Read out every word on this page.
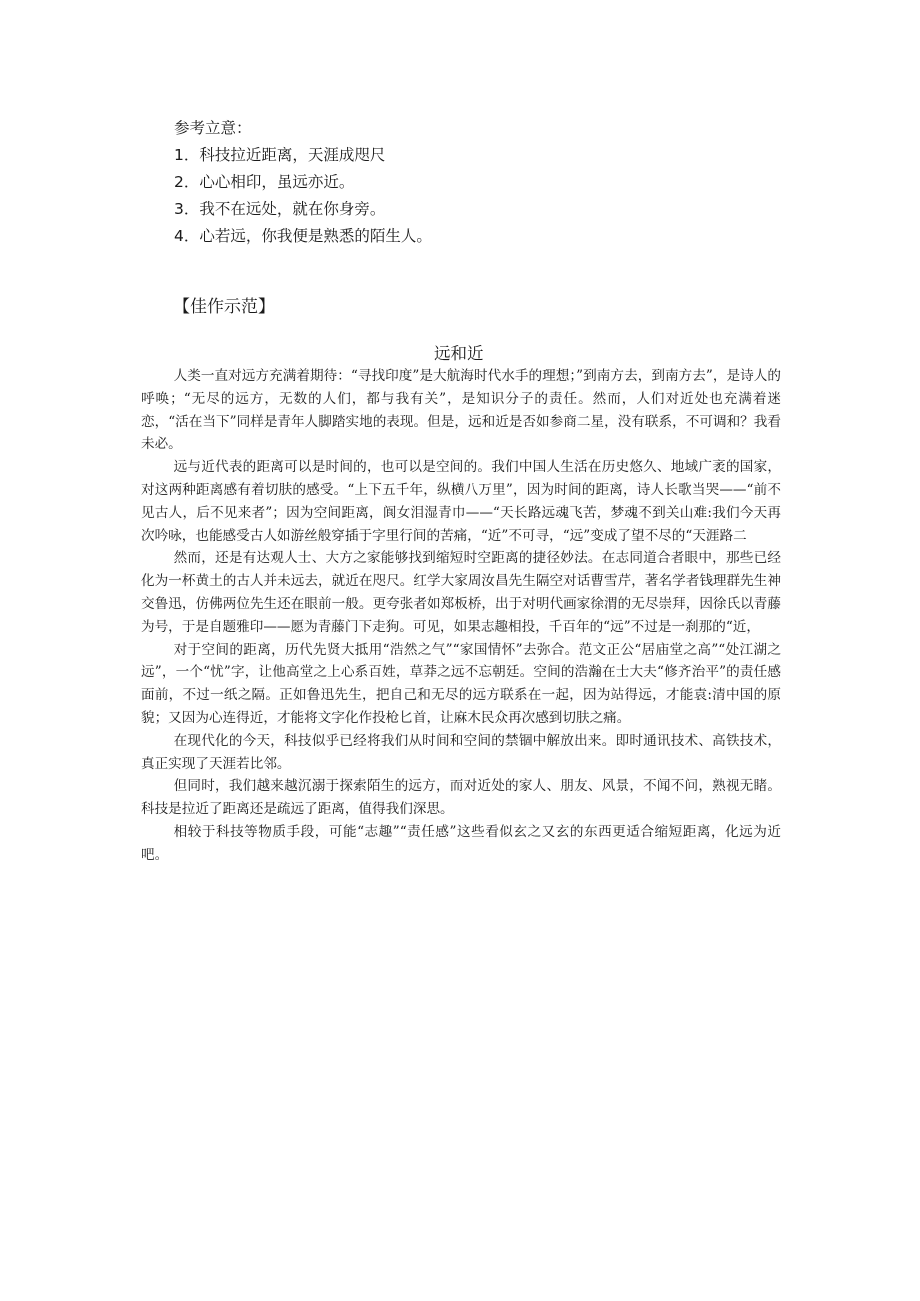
参考立意：
1．科技拉近距离，天涯成咫尺
2．心心相印，虽远亦近。
3．我不在远处，就在你身旁。
4．心若远，你我便是熟悉的陌生人。
【佳作示范】
远和近

人类一直对远方充满着期待：“寻找印度”是大航海时代水手的理想；”到南方去，到南方去”，是诗人的呼唤；“无尽的远方，无数的人们，都与我有关”，是知识分子的责任。然而，人们对近处也充满着迷恋，“活在当下”同样是青年人脚踏实地的表现。但是，远和近是否如参商二星，没有联系，不可调和？我看未必。

远与近代表的距离可以是时间的，也可以是空间的。我们中国人生活在历史悠久、地域广袤的国家，对这两种距离感有着切肤的感受。“上下五千年，纵横八万里”，因为时间的距离，诗人长歌当哭——“前不见古人，后不见来者”；因为空间距离，阆女泪湿青巾——“天长路远魂飞苦，梦魂不到关山难:我们今天再次吟咏，也能感受古人如游丝般穿插于字里行间的苦痛，“近”不可寻，“远”变成了望不尽的“天涯路二

然而，还是有达观人士、大方之家能够找到缩短时空距离的捷径妙法。在志同道合者眼中，那些已经化为一杯黄土的古人并未远去，就近在咫尺。红学大家周汝昌先生隔空对话曹雪芹，著名学者钱理群先生神交鲁迅，仿佛两位先生还在眼前一般。更夸张者如郑板桥，出于对明代画家徐渭的无尽崇拜，因徐氏以青藤为号，于是自题雅印——愿为青藤门下走狗。可见，如果志趣相投，千百年的“远”不过是一刹那的“近，

对于空间的距离，历代先贤大抵用“浩然之气”“家国情怀”去弥合。范文正公“居庙堂之高”“处江湖之远”，一个“忧”字，让他高堂之上心系百姓，草莽之远不忘朝廷。空间的浩瀚在士大夫“修齐治平”的责任感面前，不过一纸之隔。正如鲁迅先生，把自己和无尽的远方联系在一起，因为站得远，才能袁:清中国的原貌；又因为心连得近，才能将文字化作投枪匕首，让麻木民众再次感到切肤之痛。

在现代化的今天，科技似乎已经将我们从时间和空间的禁锢中解放出来。即时通讯技术、高铁技术，真正实现了天涯若比邻。

但同时，我们越来越沉溺于探索陌生的远方，而对近处的家人、朋友、风景，不闻不问，熟视无睹。科技是拉近了距离还是疏远了距离，值得我们深思。

相较于科技等物质手段，可能“志趣”“责任感”这些看似玄之又玄的东西更适合缩短距离，化远为近吧。
